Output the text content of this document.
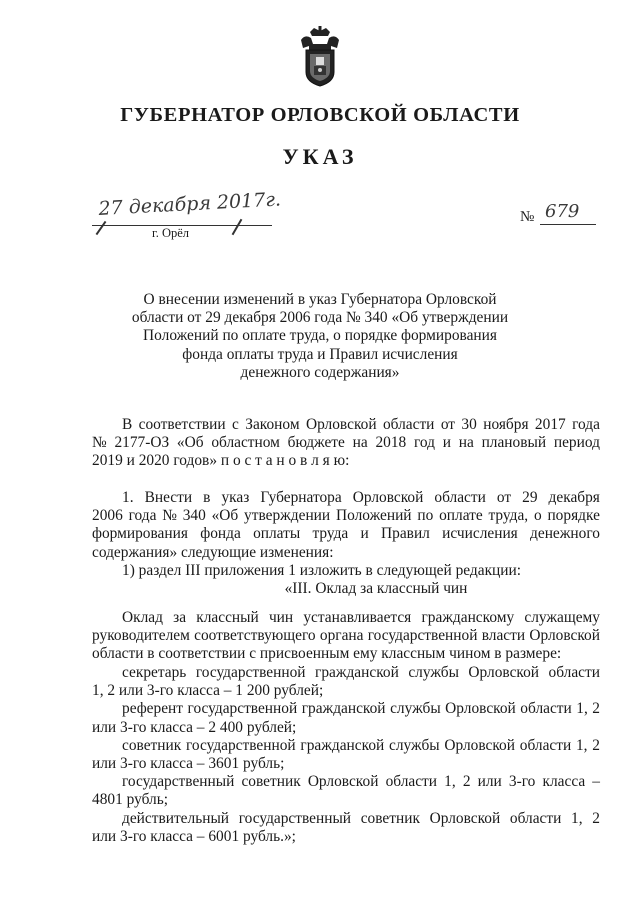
ГУБЕРНАТОР ОРЛОВСКОЙ ОБЛАСТИ
УКАЗ
27 декабря 2017г.
г. Орёл
№ 679
О внесении изменений в указ Губернатора Орловской
области от 29 декабря 2006 года № 340 «Об утверждении
Положений по оплате труда, о порядке формирования
фонда оплаты труда и Правил исчисления
денежного содержания»
В соответствии с Законом Орловской области от 30 ноября 2017 года
№ 2177-ОЗ «Об областном бюджете на 2018 год и на плановый период
2019 и 2020 годов» п о с т а н о в л я ю:
1. Внести в указ Губернатора Орловской области от 29 декабря
2006 года № 340 «Об утверждении Положений по оплате труда, о порядке
формирования фонда оплаты труда и Правил исчисления денежного
содержания» следующие изменения:
1) раздел III приложения 1 изложить в следующей редакции:
«III. Оклад за классный чин
Оклад за классный чин устанавливается гражданскому служащему
руководителем соответствующего органа государственной власти Орловской
области в соответствии с присвоенным ему классным чином в размере:
секретарь государственной гражданской службы Орловской области
1, 2 или 3-го класса – 1 200 рублей;
референт государственной гражданской службы Орловской области 1, 2
или 3-го класса – 2 400 рублей;
советник государственной гражданской службы Орловской области 1, 2
или 3-го класса – 3601 рубль;
государственный советник Орловской области 1, 2 или 3-го класса –
4801 рубль;
действительный государственный советник Орловской области 1, 2
или 3-го класса – 6001 рубль.»;
